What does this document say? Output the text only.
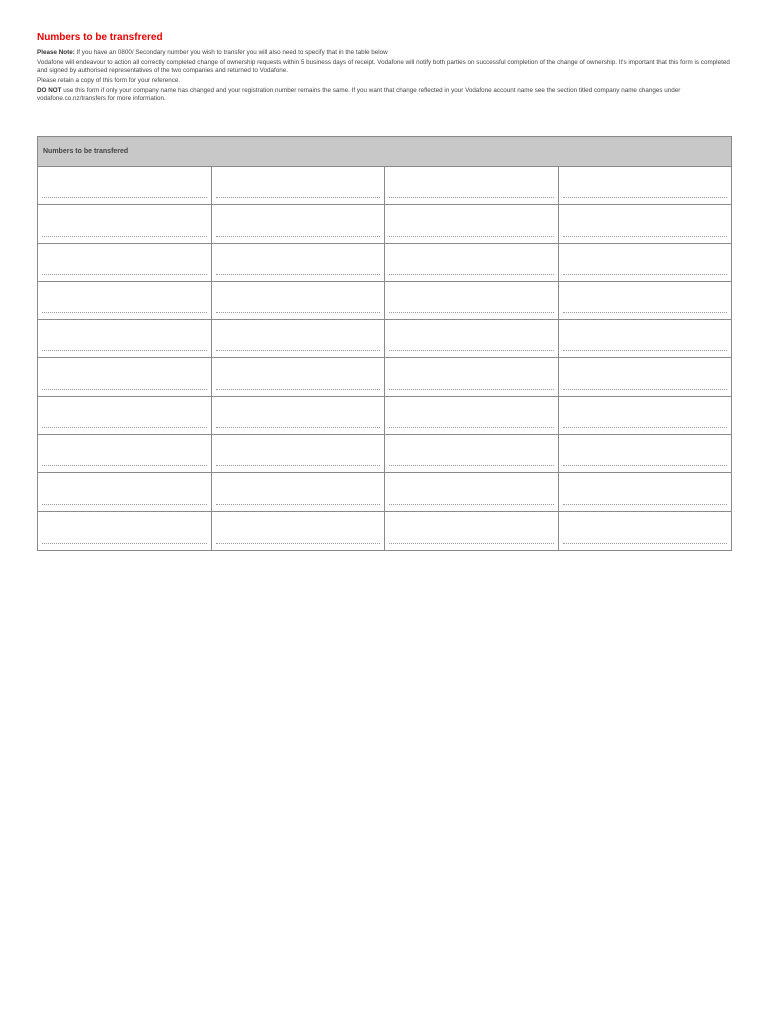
Numbers to be transfrered
Please Note: If you have an 0800/ Secondary number you wish to transfer you will also need to specify that in the table below
Vodafone will endeavour to action all correctly completed change of ownership requests within 5 business days of receipt. Vodafone will notify both parties on successful completion of the change of ownership. It's important that this form is completed and signed by authorised representatives of the two companies and returned to Vodafone.
Please retain a copy of this form for your reference.
DO NOT use this form if only your company name has changed and your registration number remains the same. If you want that change reflected in your Vodafone account name see the section titled company name changes under vodafone.co.nz/transfers for more information.
Numbers to be transfered
